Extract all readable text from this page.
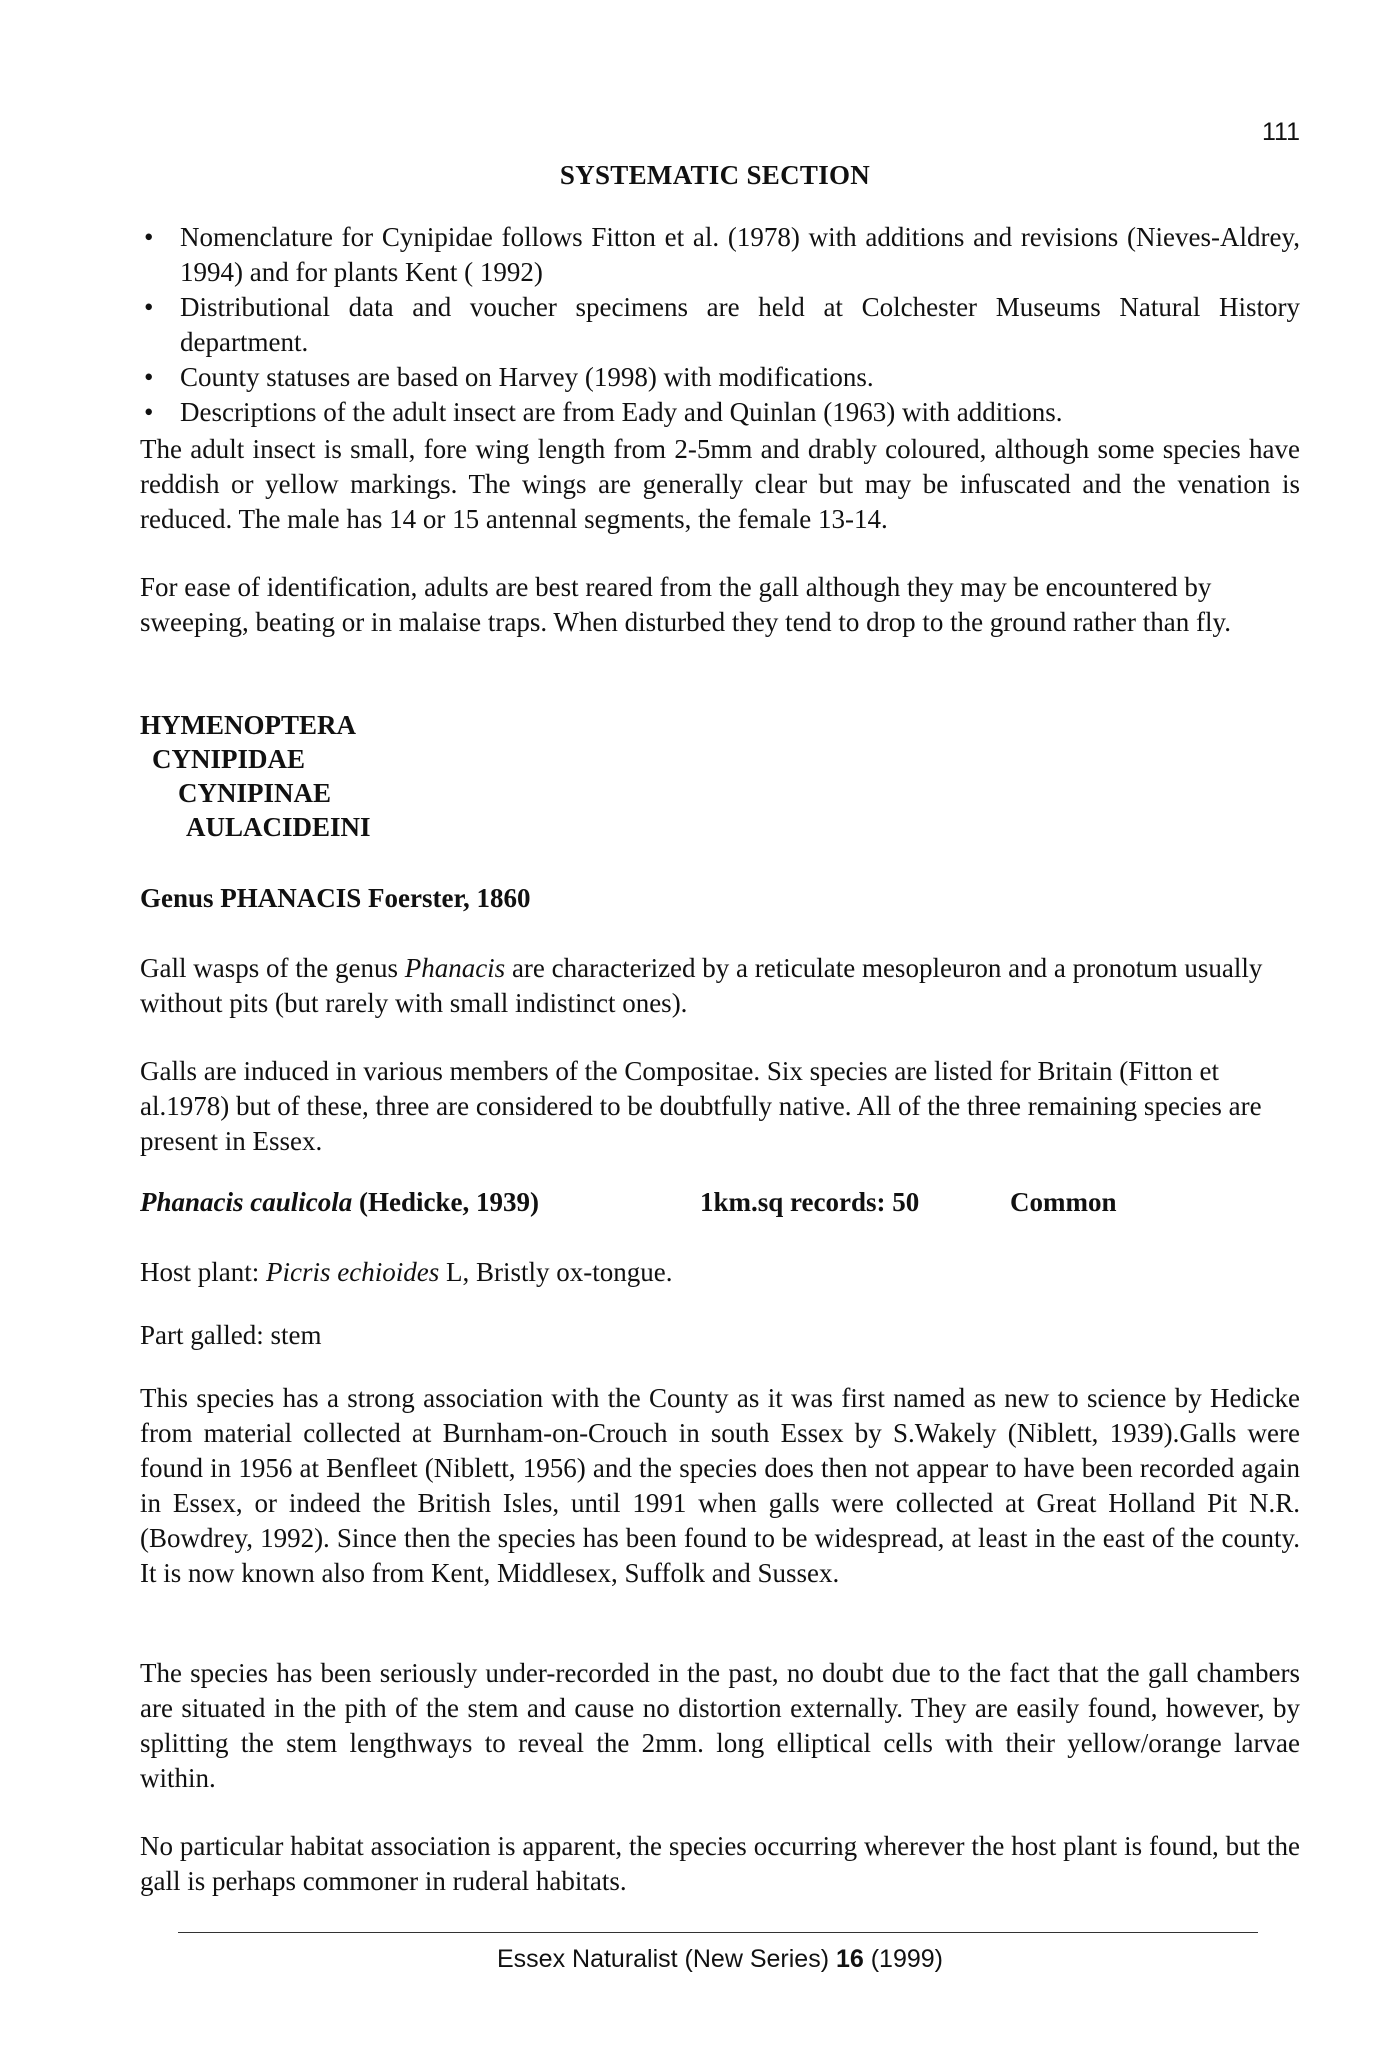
111
SYSTEMATIC SECTION
• Nomenclature for Cynipidae follows Fitton et al. (1978) with additions and revisions (Nieves-Aldrey, 1994) and for plants Kent ( 1992)
• Distributional data and voucher specimens are held at Colchester Museums Natural History department.
• County statuses are based on Harvey (1998) with modifications.
• Descriptions of the adult insect are from Eady and Quinlan (1963) with additions.
The adult insect is small, fore wing length from 2-5mm and drably coloured, although some species have reddish or yellow markings. The wings are generally clear but may be infuscated and the venation is reduced. The male has 14 or 15 antennal segments, the female 13-14.
For ease of identification, adults are best reared from the gall although they may be encountered by sweeping, beating or in malaise traps. When disturbed they tend to drop to the ground rather than fly.
HYMENOPTERA
CYNIPIDAE
CYNIPINAE
AULACIDEINI
Genus PHANACIS Foerster, 1860
Gall wasps of the genus Phanacis are characterized by a reticulate mesopleuron and a pronotum usually without pits (but rarely with small indistinct ones).
Galls are induced in various members of the Compositae. Six species are listed for Britain (Fitton et al.1978) but of these, three are considered to be doubtfully native. All of the three remaining species are present in Essex.
Phanacis caulicola (Hedicke, 1939)	1km.sq records: 50	Common
Host plant: Picris echioides L, Bristly ox-tongue.
Part galled: stem
This species has a strong association with the County as it was first named as new to science by Hedicke from material collected at Burnham-on-Crouch in south Essex by S.Wakely (Niblett, 1939).Galls were found in 1956 at Benfleet (Niblett, 1956) and the species does then not appear to have been recorded again in Essex, or indeed the British Isles, until 1991 when galls were collected at Great Holland Pit N.R. (Bowdrey, 1992). Since then the species has been found to be widespread, at least in the east of the county. It is now known also from Kent, Middlesex, Suffolk and Sussex.
The species has been seriously under-recorded in the past, no doubt due to the fact that the gall chambers are situated in the pith of the stem and cause no distortion externally. They are easily found, however, by splitting the stem lengthways to reveal the 2mm. long elliptical cells with their yellow/orange larvae within.
No particular habitat association is apparent, the species occurring wherever the host plant is found, but the gall is perhaps commoner in ruderal habitats.
Essex Naturalist (New Series) 16 (1999)
